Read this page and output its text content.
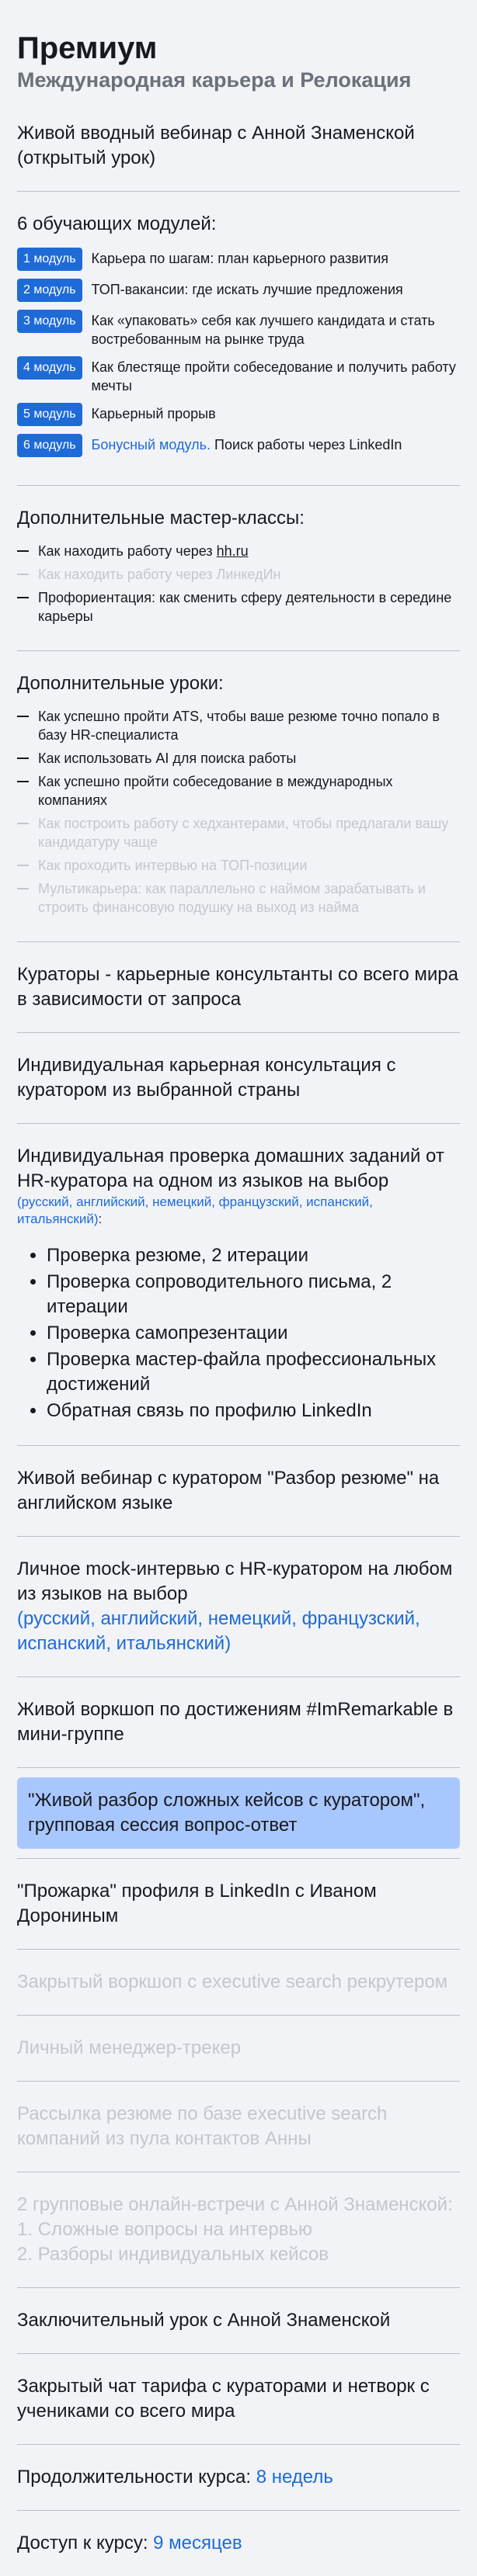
Премиум
Международная карьера и Релокация

Живой вводный вебинар с Анной Знаменской (открытый урок)

6 обучающих модулей:

1 модуль	Карьера по шагам: план карьерного развития
2 модуль	ТОП-вакансии: где искать лучшие предложения
3 модуль	Как «упаковать» себя как лучшего кандидата и стать востребованным на рынке труда
4 модуль	Как блестяще пройти собеседование и получить работу мечты
5 модуль	Карьерный прорыв
6 модуль	Бонусный модуль. Поиск работы через LinkedIn

Дополнительные мастер-классы:

Как находить работу через hh.ru
Как находить работу через ЛинкедИн
Профориентация: как сменить сферу деятельности в середине карьеры

Дополнительные уроки:

Как успешно пройти ATS, чтобы ваше резюме точно попало в базу HR-специалиста
Как использовать AI для поиска работы
Как успешно пройти собеседование в международных компаниях
Как построить работу с хедхантерами, чтобы предлагали вашу кандидатуру чаще
Как проходить интервью на ТОП-позиции
Мультикарьера: как параллельно с наймом зарабатывать и строить финансовую подушку на выход из найма

Кураторы - карьерные консультанты со всего мира в зависимости от запроса

Индивидуальная карьерная консультация с куратором из выбранной страны

Индивидуальная проверка домашних заданий от HR-куратора на одном из языков на выбор

(русский, английский, немецкий, французский, испанский, итальянский):
• Проверка резюме, 2 итерации
• Проверка сопроводительного письма, 2 итерации
• Проверка самопрезентации
• Проверка мастер-файла профессиональных достижений
• Обратная связь по профилю LinkedIn

Живой вебинар с куратором "Разбор резюме" на английском языке

Личное mock-интервью с HR-куратором на любом из языков на выбор

(русский, английский, немецкий, французский, испанский, итальянский)

Живой воркшоп по достижениям #ImRemarkable в мини-группе

"Живой разбор сложных кейсов с куратором", групповая сессия вопрос-ответ

"Прожарка" профиля в LinkedIn с Иваном Дорониным

Закрытый воркшоп с executive search рекрутером

Личный менеджер-трекер

Рассылка резюме по базе executive search компаний из пула контактов Анны

2 групповые онлайн-встречи с Анной Знаменской:

1. Сложные вопросы на интервью

2. Разборы индивидуальных кейсов

Заключительный урок с Анной Знаменской

Закрытый чат тарифа с кураторами и нетворк с учениками со всего мира

Продолжительности курса: 8 недель

Доступ к курсу: 9 месяцев
